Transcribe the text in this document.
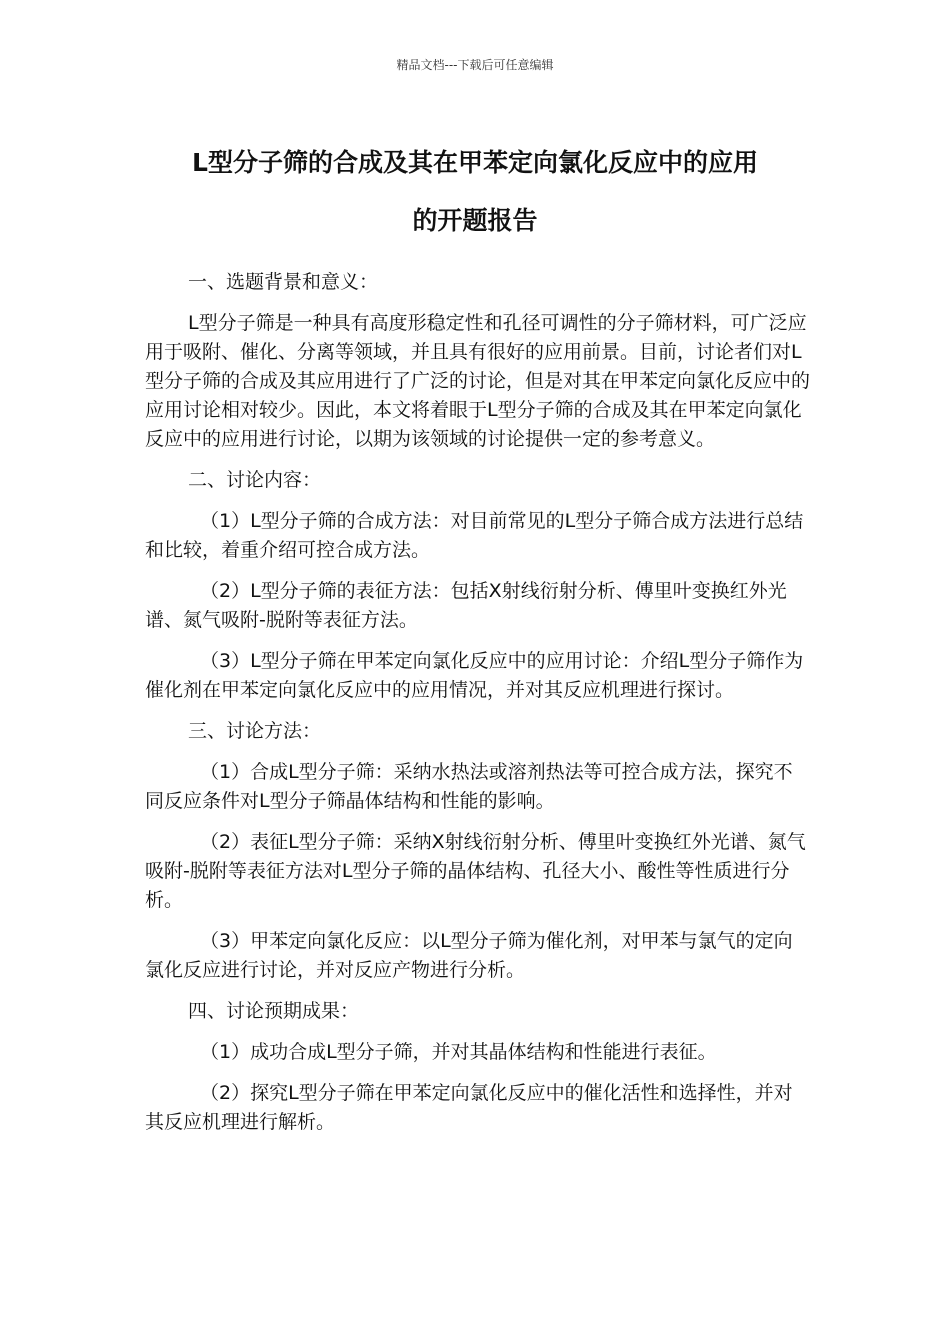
精品文档---下载后可任意编辑
L型分子筛的合成及其在甲苯定向氯化反应中的应用
的开题报告

一、选题背景和意义：

L型分子筛是一种具有高度形稳定性和孔径可调性的分子筛材料，可广泛应用于吸附、催化、分离等领域，并且具有很好的应用前景。目前，讨论者们对L型分子筛的合成及其应用进行了广泛的讨论，但是对其在甲苯定向氯化反应中的应用讨论相对较少。因此，本文将着眼于L型分子筛的合成及其在甲苯定向氯化反应中的应用进行讨论，以期为该领域的讨论提供一定的参考意义。

二、讨论内容：

（1）L型分子筛的合成方法：对目前常见的L型分子筛合成方法进行总结和比较，着重介绍可控合成方法。

（2）L型分子筛的表征方法：包括X射线衍射分析、傅里叶变换红外光谱、氮气吸附-脱附等表征方法。

（3）L型分子筛在甲苯定向氯化反应中的应用讨论：介绍L型分子筛作为催化剂在甲苯定向氯化反应中的应用情况，并对其反应机理进行探讨。

三、讨论方法：

（1）合成L型分子筛：采纳水热法或溶剂热法等可控合成方法，探究不同反应条件对L型分子筛晶体结构和性能的影响。

（2）表征L型分子筛：采纳X射线衍射分析、傅里叶变换红外光谱、氮气吸附-脱附等表征方法对L型分子筛的晶体结构、孔径大小、酸性等性质进行分析。

（3）甲苯定向氯化反应：以L型分子筛为催化剂，对甲苯与氯气的定向氯化反应进行讨论，并对反应产物进行分析。

四、讨论预期成果：

（1）成功合成L型分子筛，并对其晶体结构和性能进行表征。

（2）探究L型分子筛在甲苯定向氯化反应中的催化活性和选择性，并对其反应机理进行解析。
